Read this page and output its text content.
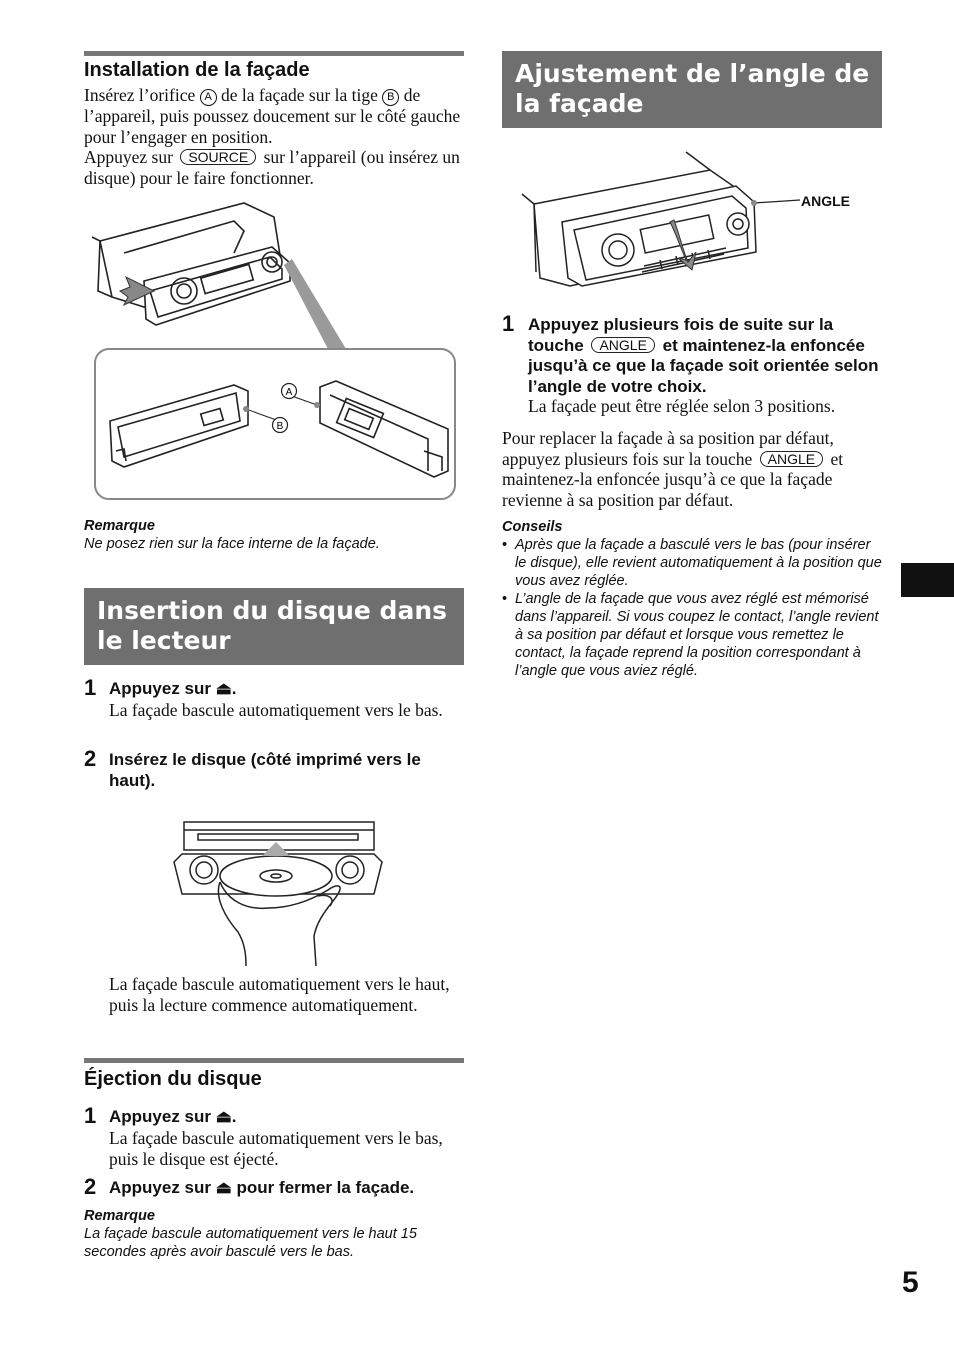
Installation de la façade
Insérez l’orifice A de la façade sur la tige B de l’appareil, puis poussez doucement sur le côté gauche pour l’engager en position.
Appuyez sur SOURCE sur l’appareil (ou insérez un disque) pour le faire fonctionner.
A
B
Remarque
Ne posez rien sur la face interne de la façade.
Insertion du disque dans le lecteur
1 Appuyez sur ⏏.
La façade bascule automatiquement vers le bas.
2 Insérez le disque (côté imprimé vers le haut).
La façade bascule automatiquement vers le haut, puis la lecture commence automatiquement.
Éjection du disque
1 Appuyez sur ⏏.
La façade bascule automatiquement vers le bas, puis le disque est éjecté.
2 Appuyez sur ⏏ pour fermer la façade.
Remarque
La façade bascule automatiquement vers le haut 15 secondes après avoir basculé vers le bas.
Ajustement de l’angle de la façade
ANGLE
1 Appuyez plusieurs fois de suite sur la touche ANGLE et maintenez-la enfoncée jusqu’à ce que la façade soit orientée selon l’angle de votre choix.
La façade peut être réglée selon 3 positions.
Pour replacer la façade à sa position par défaut, appuyez plusieurs fois sur la touche ANGLE et maintenez-la enfoncée jusqu’à ce que la façade revienne à sa position par défaut.
Conseils
• Après que la façade a basculé vers le bas (pour insérer le disque), elle revient automatiquement à la position que vous avez réglée.
• L’angle de la façade que vous avez réglé est mémorisé dans l’appareil. Si vous coupez le contact, l’angle revient à sa position par défaut et lorsque vous remettez le contact, la façade reprend la position correspondant à l’angle que vous aviez réglé.
5
